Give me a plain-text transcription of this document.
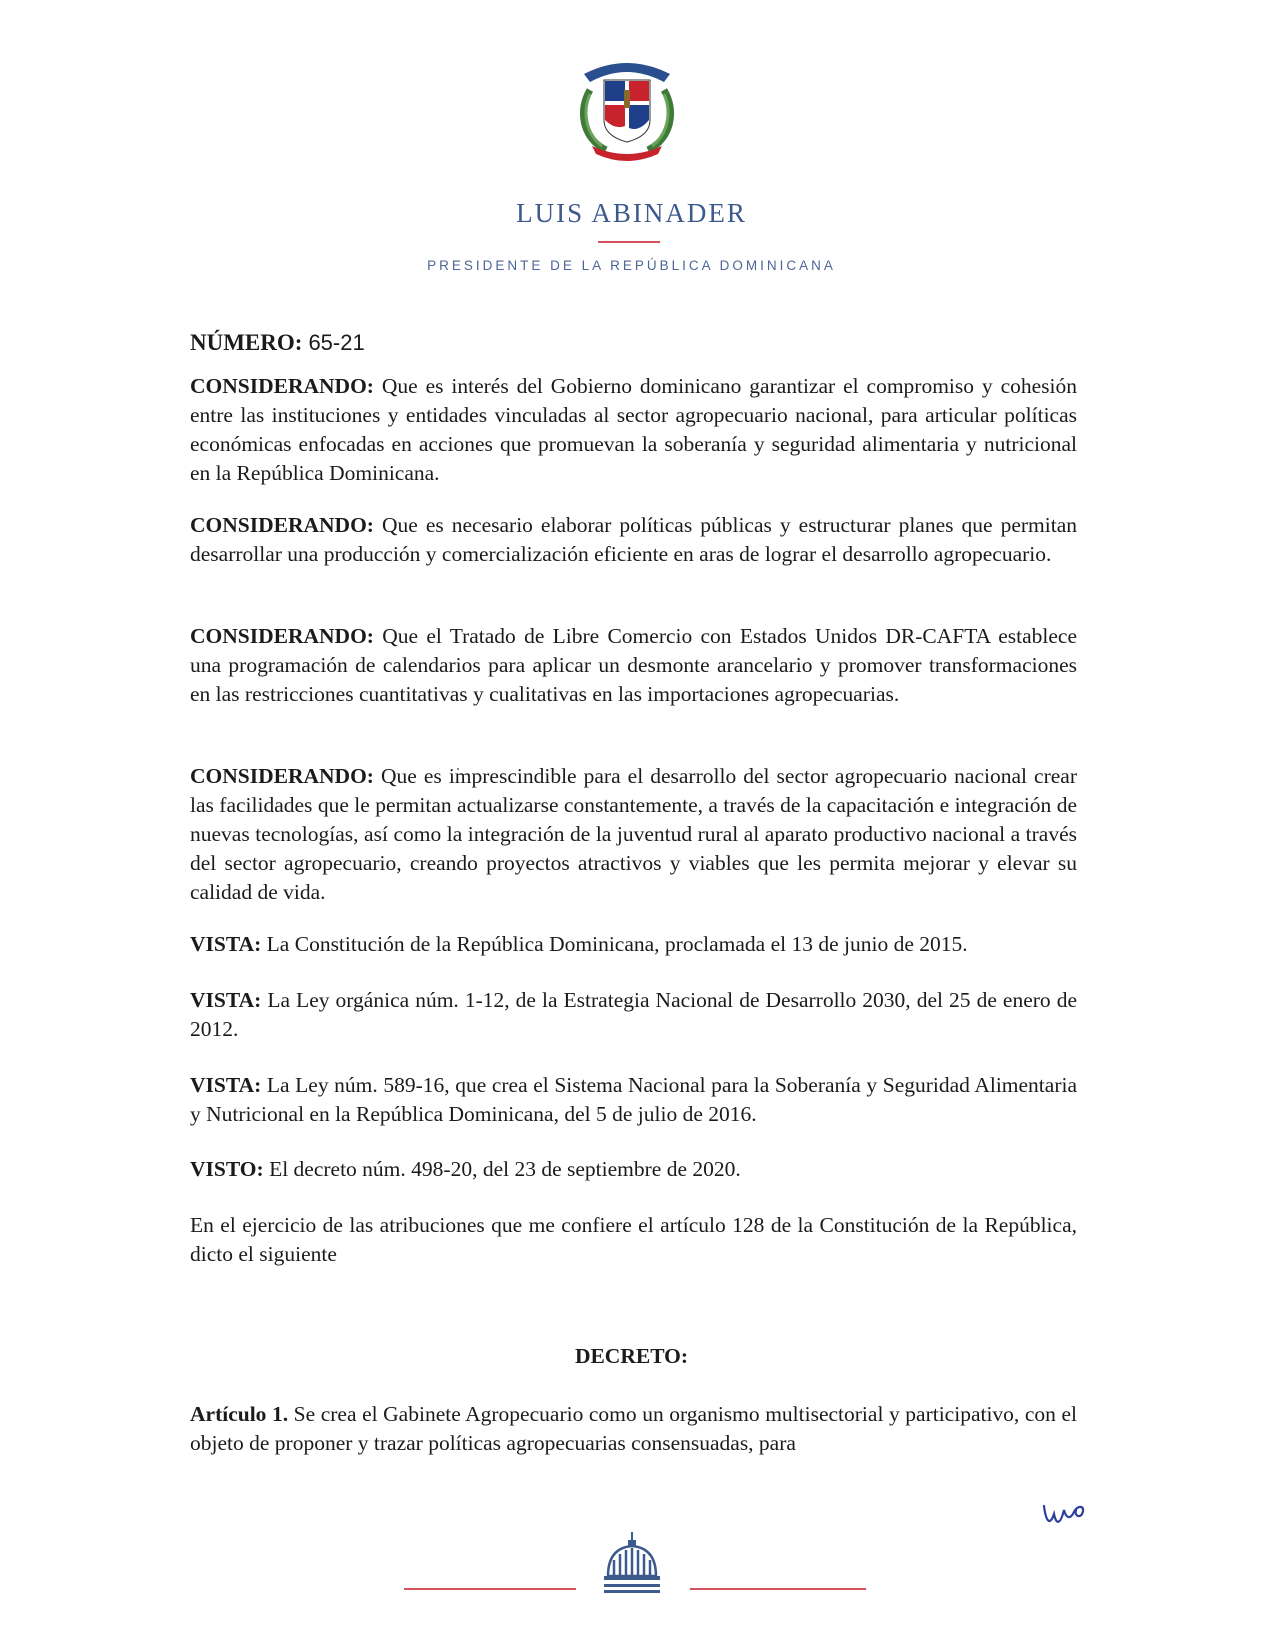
LUIS ABINADER
PRESIDENTE DE LA REPÚBLICA DOMINICANA
NÚMERO: 65-21
CONSIDERANDO: Que es interés del Gobierno dominicano garantizar el compromiso y cohesión entre las instituciones y entidades vinculadas al sector agropecuario nacional, para articular políticas económicas enfocadas en acciones que promuevan la soberanía y seguridad alimentaria y nutricional en la República Dominicana.
CONSIDERANDO: Que es necesario elaborar políticas públicas y estructurar planes que permitan desarrollar una producción y comercialización eficiente en aras de lograr el desarrollo agropecuario.
CONSIDERANDO: Que el Tratado de Libre Comercio con Estados Unidos DR-CAFTA establece una programación de calendarios para aplicar un desmonte arancelario y promover transformaciones en las restricciones cuantitativas y cualitativas en las importaciones agropecuarias.
CONSIDERANDO: Que es imprescindible para el desarrollo del sector agropecuario nacional crear las facilidades que le permitan actualizarse constantemente, a través de la capacitación e integración de nuevas tecnologías, así como la integración de la juventud rural al aparato productivo nacional a través del sector agropecuario, creando proyectos atractivos y viables que les permita mejorar y elevar su calidad de vida.
VISTA: La Constitución de la República Dominicana, proclamada el 13 de junio de 2015.
VISTA: La Ley orgánica núm. 1-12, de la Estrategia Nacional de Desarrollo 2030, del 25 de enero de 2012.
VISTA: La Ley núm. 589-16, que crea el Sistema Nacional para la Soberanía y Seguridad Alimentaria y Nutricional en la República Dominicana, del 5 de julio de 2016.
VISTO: El decreto núm. 498-20, del 23 de septiembre de 2020.
En el ejercicio de las atribuciones que me confiere el artículo 128 de la Constitución de la República, dicto el siguiente
DECRETO:
Artículo 1. Se crea el Gabinete Agropecuario como un organismo multisectorial y participativo, con el objeto de proponer y trazar políticas agropecuarias consensuadas, para
